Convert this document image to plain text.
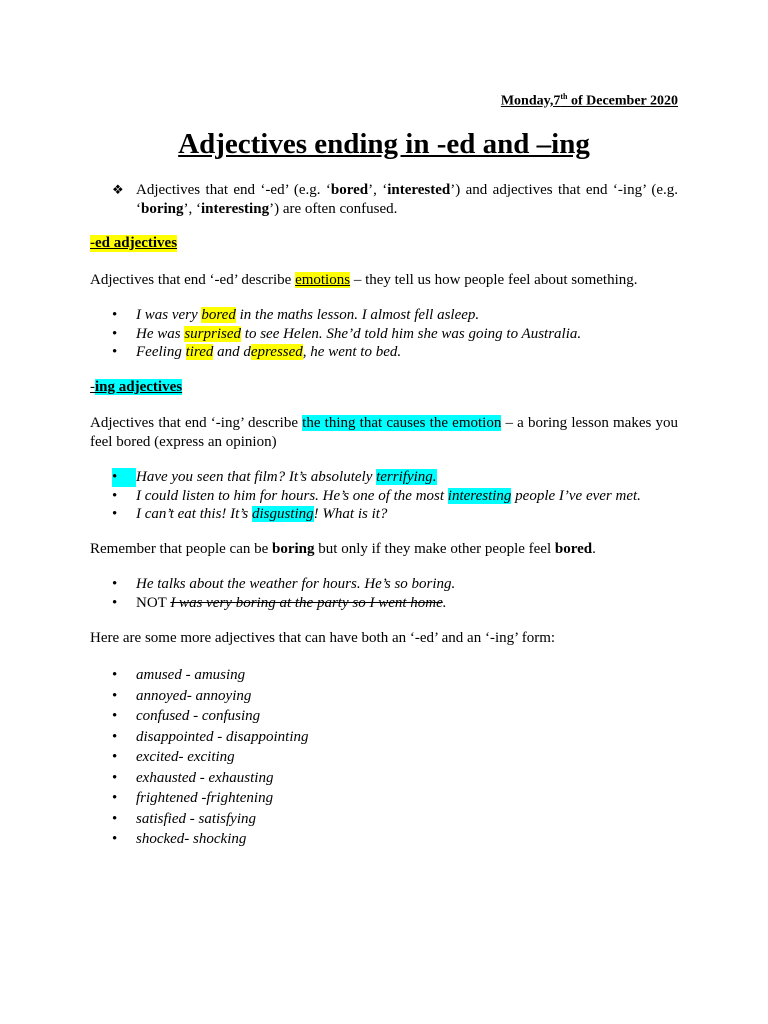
Monday,7th of December 2020
Adjectives ending in -ed and –ing
❖ Adjectives that end ‘-ed’ (e.g. ‘bored’, ‘interested’) and adjectives that end ‘-ing’ (e.g. ‘boring’, ‘interesting’) are often confused.
-ed adjectives
Adjectives that end ‘-ed’ describe emotions – they tell us how people feel about something.
•	I was very bored in the maths lesson. I almost fell asleep.
•	He was surprised to see Helen. She’d told him she was going to Australia.
•	Feeling tired and depressed, he went to bed.
-ing adjectives
Adjectives that end ‘-ing’ describe the thing that causes the emotion – a boring lesson makes you feel bored (express an opinion)
•	Have you seen that film? It’s absolutely terrifying.
•	I could listen to him for hours. He’s one of the most interesting people I’ve ever met.
•	I can’t eat this! It’s disgusting! What is it?
Remember that people can be boring but only if they make other people feel bored.
•	He talks about the weather for hours. He’s so boring.
•	NOT I was very boring at the party so I went home.
Here are some more adjectives that can have both an ‘-ed’ and an ‘-ing’ form:
•	amused - amusing
•	annoyed- annoying
•	confused - confusing
•	disappointed - disappointing
•	excited- exciting
•	exhausted - exhausting
•	frightened -frightening
•	satisfied - satisfying
•	shocked- shocking
